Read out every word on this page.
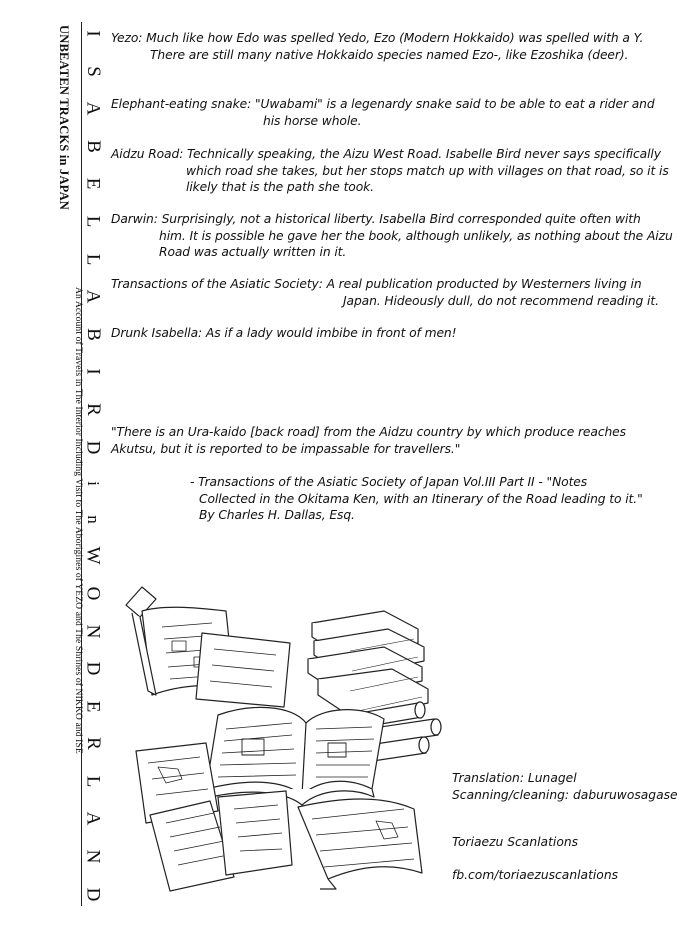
UNBEATEN TRACKS in JAPAN
An Account of Travels in The Interior Including Visit to The Aborigines of YEZO and The Shrines of NIKKO and ISE
I
S
A
B
E
L
L
A
B
I
R
D
i
n
W
O
N
D
E
R
L
A
N
D
Yezo: Much like how Edo was spelled Yedo, Ezo (Modern Hokkaido) was spelled with a Y.
There are still many native Hokkaido species named Ezo-, like Ezoshika (deer).
Elephant-eating snake: "Uwabami" is a legenardy snake said to be able to eat a rider and
his horse whole.
Aidzu Road: Technically speaking, the Aizu West Road. Isabelle Bird never says specifically
which road she takes, but her stops match up with villages on that road, so it is
likely that is the path she took.
Darwin: Surprisingly, not a historical liberty. Isabella Bird corresponded quite often with
him. It is possible he gave her the book, although unlikely, as nothing about the Aizu
Road was actually written in it.
Transactions of the Asiatic Society: A real publication producted by Westerners living in
Japan. Hideously dull, do not recommend reading it.
Drunk Isabella: As if a lady would imbibe in front of men!
"There is an Ura-kaido [back road] from the Aidzu country by which produce reaches
Akutsu, but it is reported to be impassable for travellers."
- Transactions of the Asiatic Society of Japan Vol.III Part II - "Notes
Collected in the Okitama Ken, with an Itinerary of the Road leading to it."
By Charles H. Dallas, Esq.
Translation: Lunagel
Scanning/cleaning: daburuwosagase
Toriaezu Scanlations
fb.com/toriaezuscanlations
